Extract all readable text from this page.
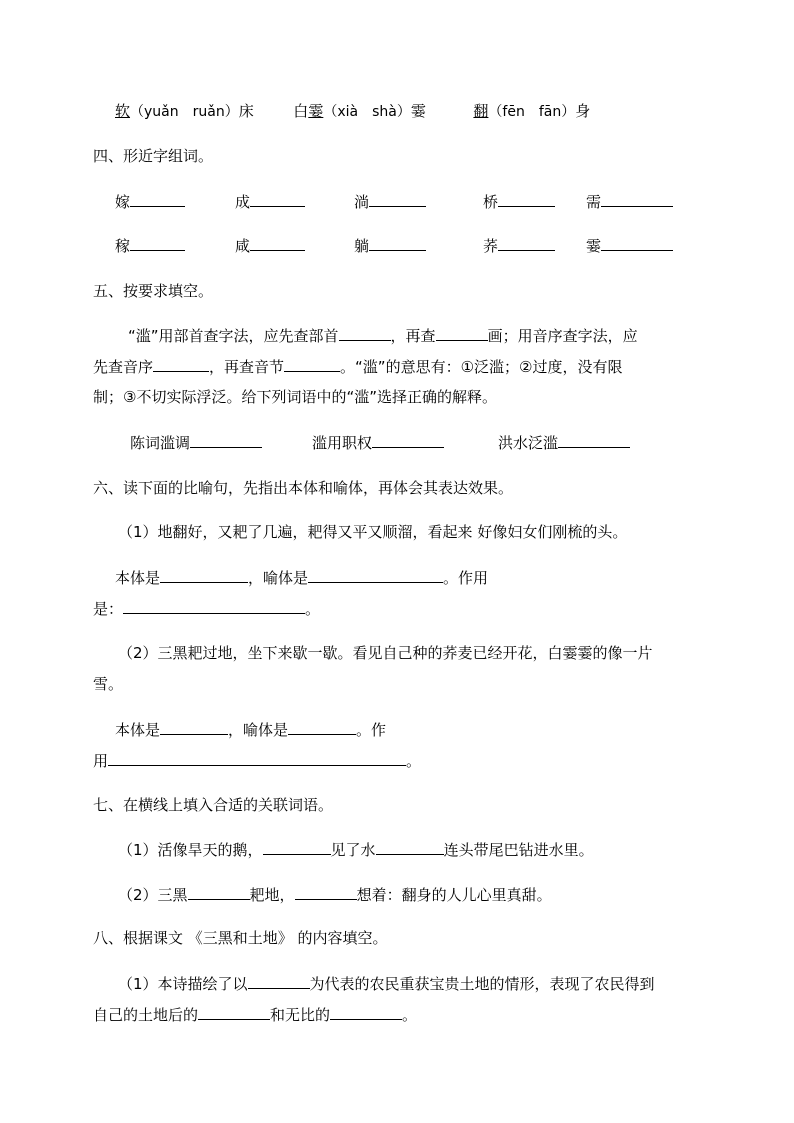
软（yuǎn　ruǎn）床	白霎（xià　shà）霎	翻（fēn　fān）身
四、形近字组词。
嫁	成	淌	桥	需
稼	咸	躺	荞	霎
五、按要求填空。
“滥”用部首查字法，应先查部首	，再查	画；用音序查字法，应
先查音序	，再查音节	。“滥”的意思有：①泛滥；②过度，没有限
制；③不切实际浮泛。给下列词语中的“滥”选择正确的解释。
陈词滥调	滥用职权	洪水泛滥
六、读下面的比喻句，先指出本体和喻体，再体会其表达效果。
（1）地翻好，又耙了几遍，耙得又平又顺溜，看起来 好像妇女们刚梳的头。
本体是	，喻体是	。作用
是：	。
（2）三黑耙过地，坐下来歇一歇。看见自己种的荞麦已经开花，白霎霎的像一片
雪。
本体是	，喻体是	。作
用	。
七、在横线上填入合适的关联词语。
（1）活像旱天的鹅，	见了水	连头带尾巴钻进水里。
（2）三黑	耙地，	想着：翻身的人儿心里真甜。
八、根据课文 《三黑和土地》 的内容填空。
（1）本诗描绘了以	为代表的农民重获宝贵土地的情形，表现了农民得到
自己的土地后的	和无比的	。
